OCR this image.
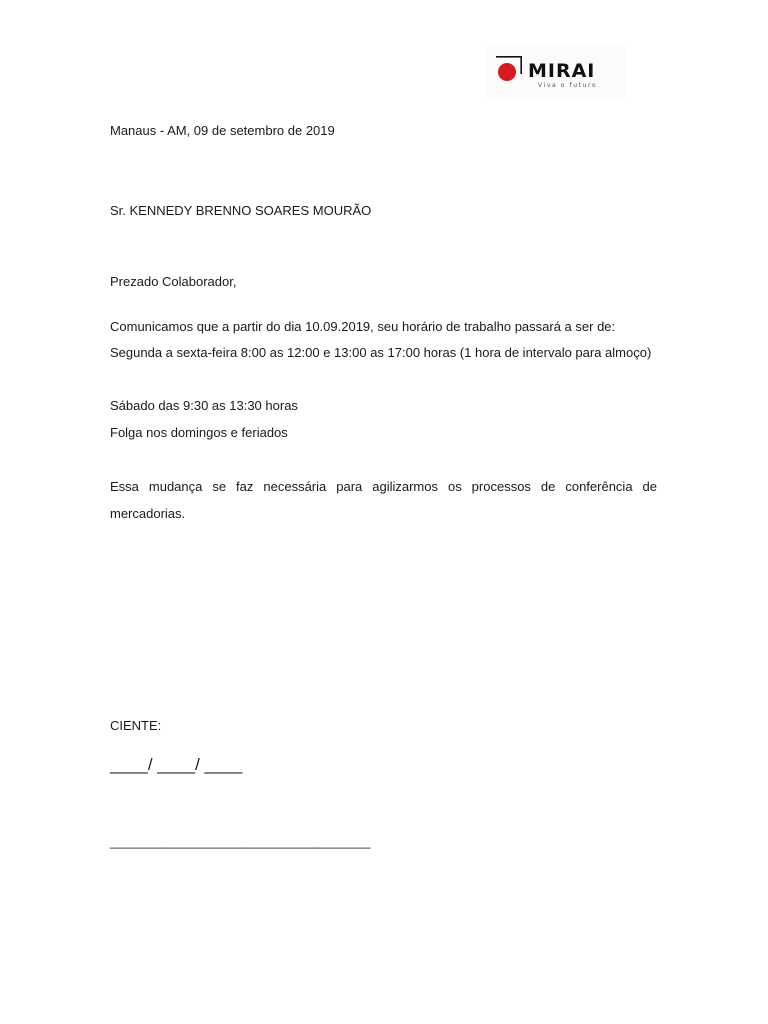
MIRAI
Viva o futuro
Manaus - AM, 09 de setembro de 2019
Sr. KENNEDY BRENNO SOARES MOURÃO
Prezado Colaborador,
Comunicamos que a partir do dia 10.09.2019, seu horário de trabalho passará a ser de:
Segunda a sexta-feira 8:00 as 12:00 e 13:00 as 17:00 horas (1 hora de intervalo para almoço)
Sábado das 9:30 as 13:30 horas
Folga nos domingos e feriados
Essa mudança se faz necessária para agilizarmos os processos de conferência de mercadorias.
CIENTE:
____/ ____/ ____
____________________________________
